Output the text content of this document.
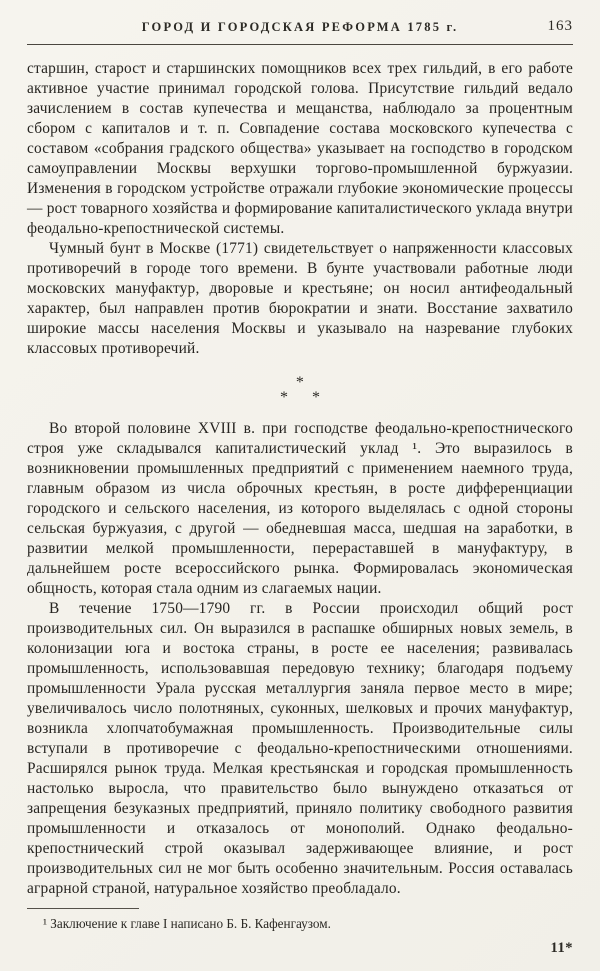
ГОРОД И ГОРОДСКАЯ РЕФОРМА 1785 г.	163

старшин, старост и старшинских помощников всех трех гильдий, в его работе активное участие принимал городской голова. Присутствие гильдий ведало зачислением в состав купечества и мещанства, наблюдало за процентным сбором с капиталов и т. п. Совпадение состава московского купечества с составом «собрания градского общества» указывает на господство в городском самоуправлении Москвы верхушки торгово-промышленной буржуазии. Изменения в городском устройстве отражали глубокие экономические процессы — рост товарного хозяйства и формирование капиталистического уклада внутри феодально-крепостнической системы.

Чумный бунт в Москве (1771) свидетельствует о напряженности классовых противоречий в городе того времени. В бунте участвовали работные люди московских мануфактур, дворовые и крестьяне; он носил антифеодальный характер, был направлен против бюрократии и знати. Восстание захватило широкие массы населения Москвы и указывало на назревание глубоких классовых противоречий.

*
* *

Во второй половине XVIII в. при господстве феодально-крепостнического строя уже складывался капиталистический уклад ¹. Это выразилось в возникновении промышленных предприятий с применением наемного труда, главным образом из числа оброчных крестьян, в росте дифференциации городского и сельского населения, из которого выделялась с одной стороны сельская буржуазия, с другой — обедневшая масса, шедшая на заработки, в развитии мелкой промышленности, перераставшей в мануфактуру, в дальнейшем росте всероссийского рынка. Формировалась экономическая общность, которая стала одним из слагаемых нации.

В течение 1750—1790 гг. в России происходил общий рост производительных сил. Он выразился в распашке обширных новых земель, в колонизации юга и востока страны, в росте ее населения; развивалась промышленность, использовавшая передовую технику; благодаря подъему промышленности Урала русская металлургия заняла первое место в мире; увеличивалось число полотняных, суконных, шелковых и прочих мануфактур, возникла хлопчатобумажная промышленность. Производительные силы вступали в противоречие с феодально-крепостническими отношениями. Расширялся рынок труда. Мелкая крестьянская и городская промышленность настолько выросла, что правительство было вынуждено отказаться от запрещения безуказных предприятий, приняло политику свободного развития промышленности и отказалось от монополий. Однако феодально-крепостнический строй оказывал задерживающее влияние, и рост производительных сил не мог быть особенно значительным. Россия оставалась аграрной страной, натуральное хозяйство преобладало.

¹ Заключение к главе I написано Б. Б. Кафенгаузом.

11*
